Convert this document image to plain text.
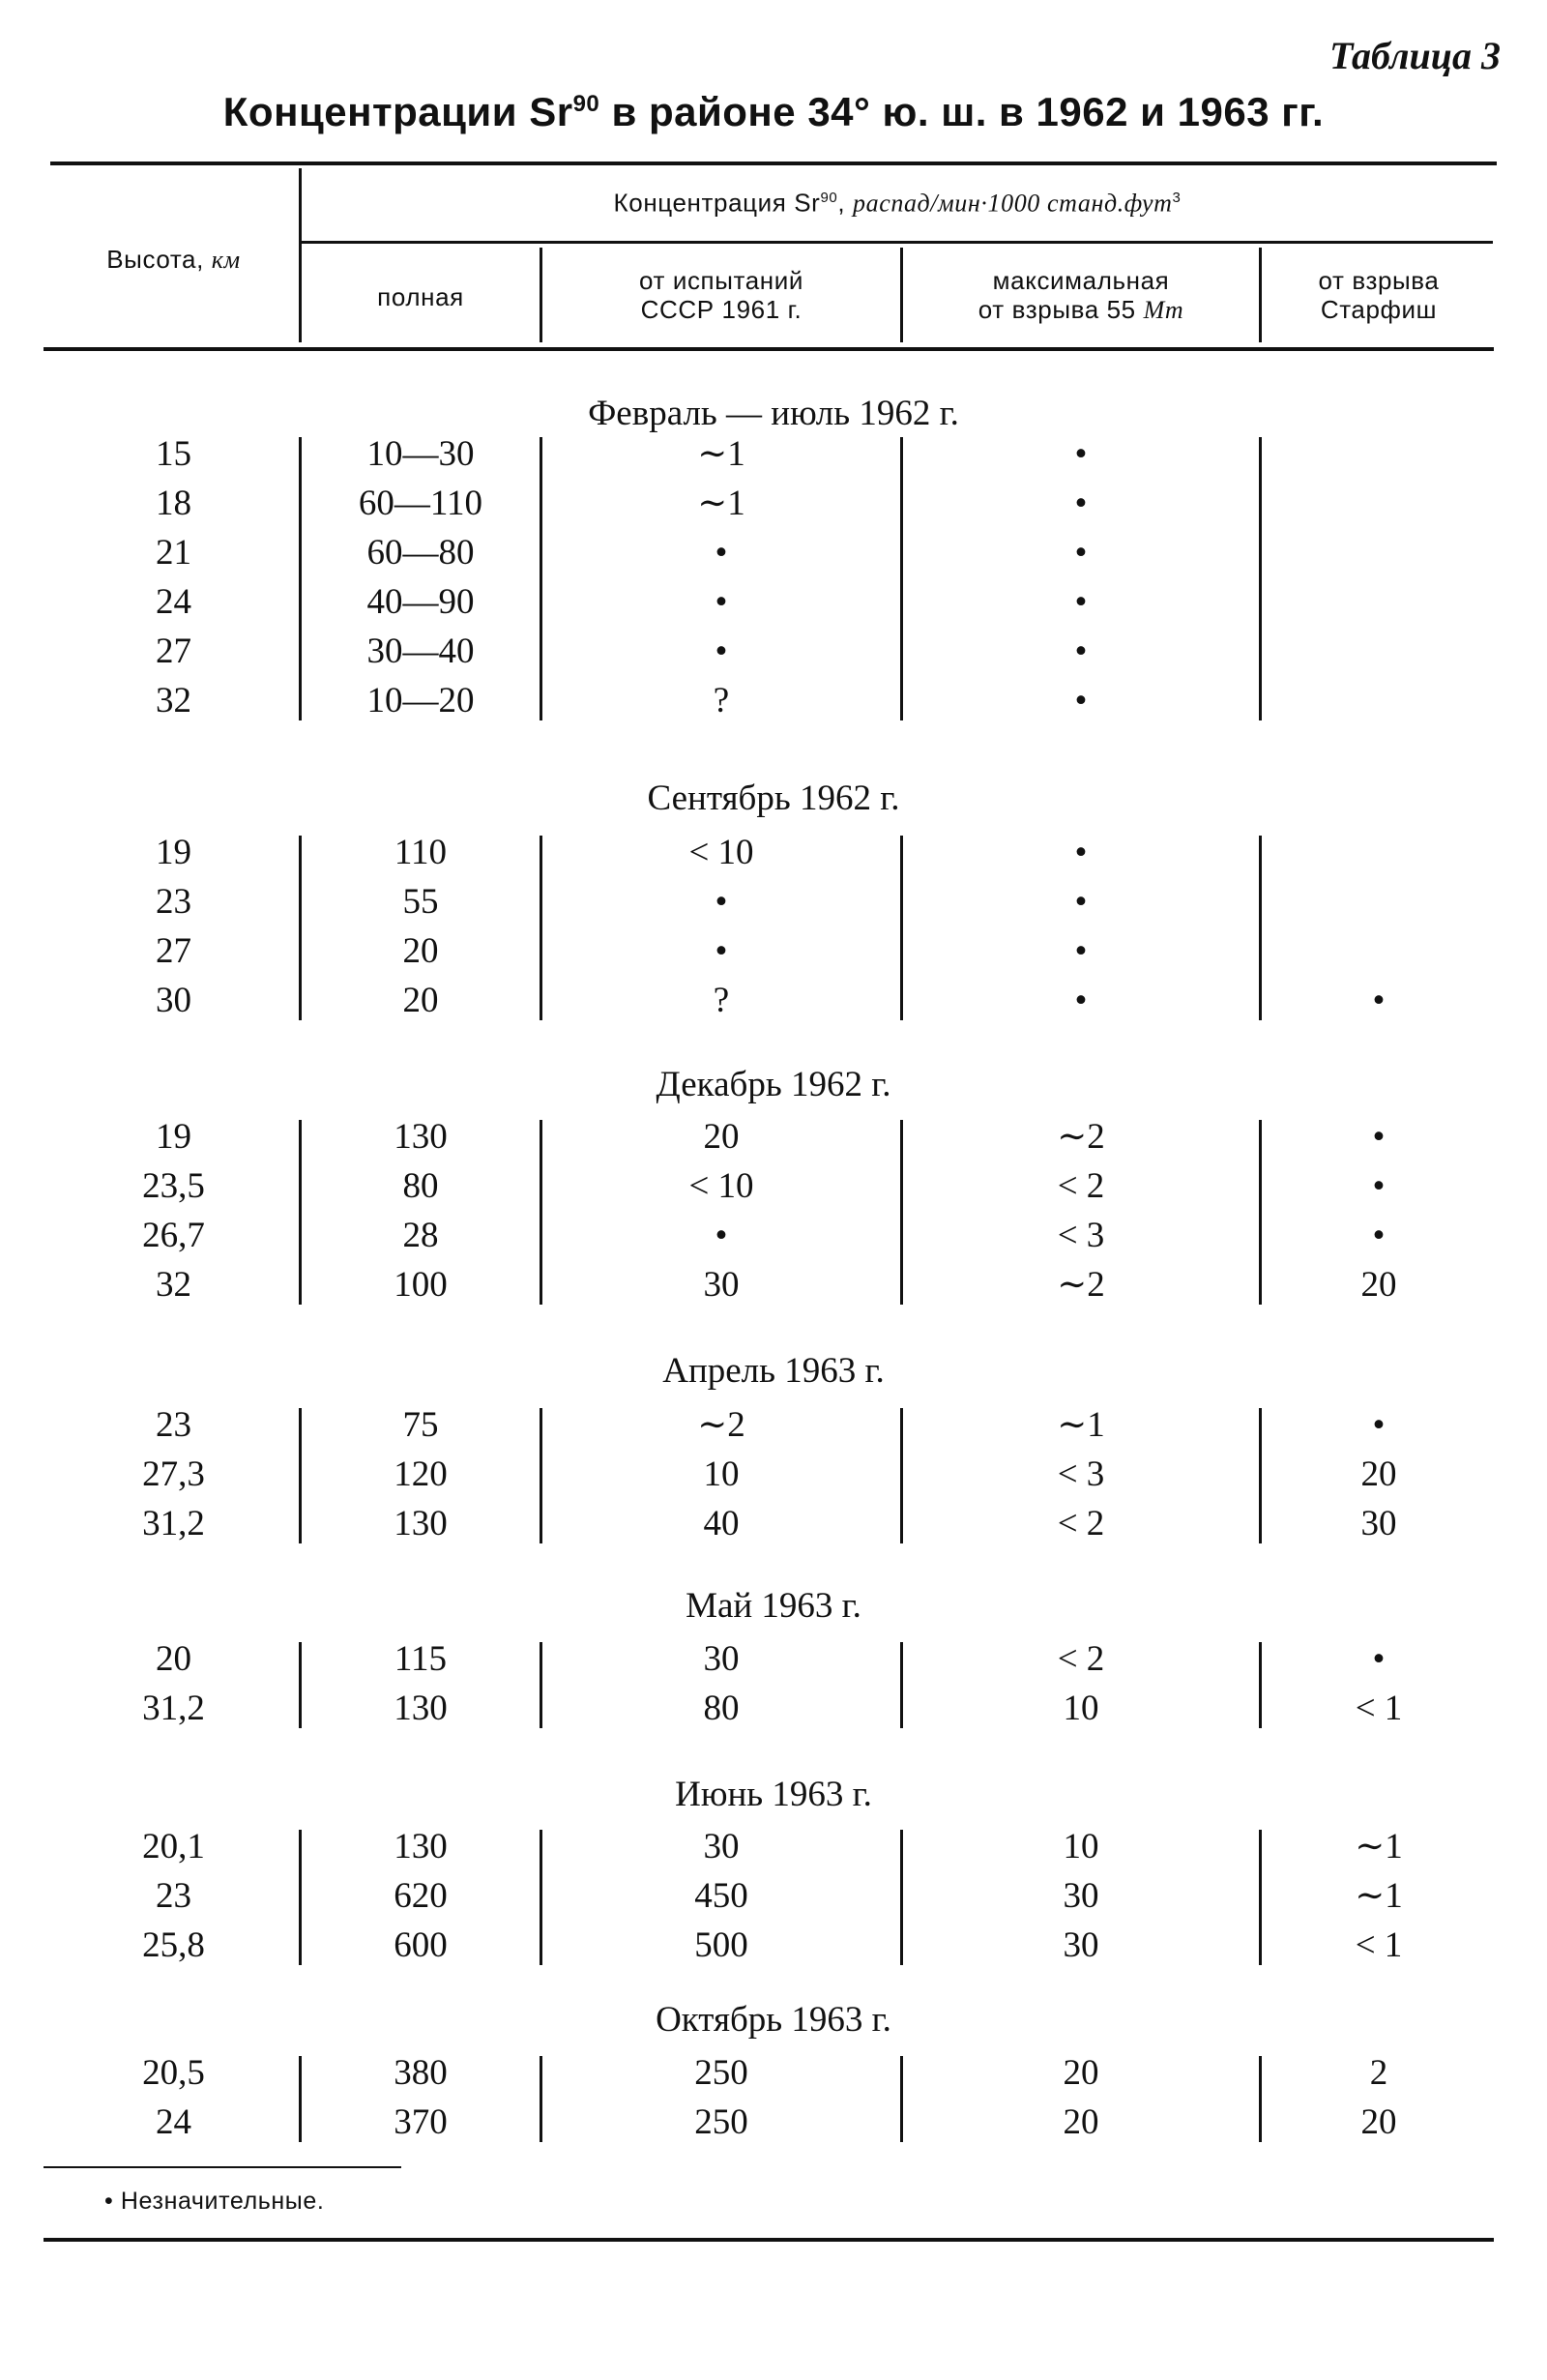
Таблица 3
Концентрации Sr$^{90}$ в районе 34° ю. ш. в 1962 и 1963 гг.
Высота, км
Концентрация Sr$^{90}$, распад/мин·1000 станд.фут$^3$
полная
от испытаний
СССР 1961 г.
максимальная
от взрыва 55 Mт
от взрыва
Старфиш
Февраль — июль 1962 г.
15	10—30	∼1	•
18	60—110	∼1	•
21	60—80	•	•
24	40—90	•	•
27	30—40	•	•
32	10—20	?	•
Сентябрь 1962 г.
19	110	< 10	•
23	55	•	•
27	20	•	•
30	20	?	•	•
Декабрь 1962 г.
19	130	20	∼2	•
23,5	80	< 10	< 2	•
26,7	28	•	< 3	•
32	100	30	∼2	20
Апрель 1963 г.
23	75	∼2	∼1	•
27,3	120	10	< 3	20
31,2	130	40	< 2	30
Май 1963 г.
20	115	30	< 2	•
31,2	130	80	10	< 1
Июнь 1963 г.
20,1	130	30	10	∼1
23	620	450	30	∼1
25,8	600	500	30	< 1
Октябрь 1963 г.
20,5	380	250	20	2
24	370	250	20	20
• Незначительные.
